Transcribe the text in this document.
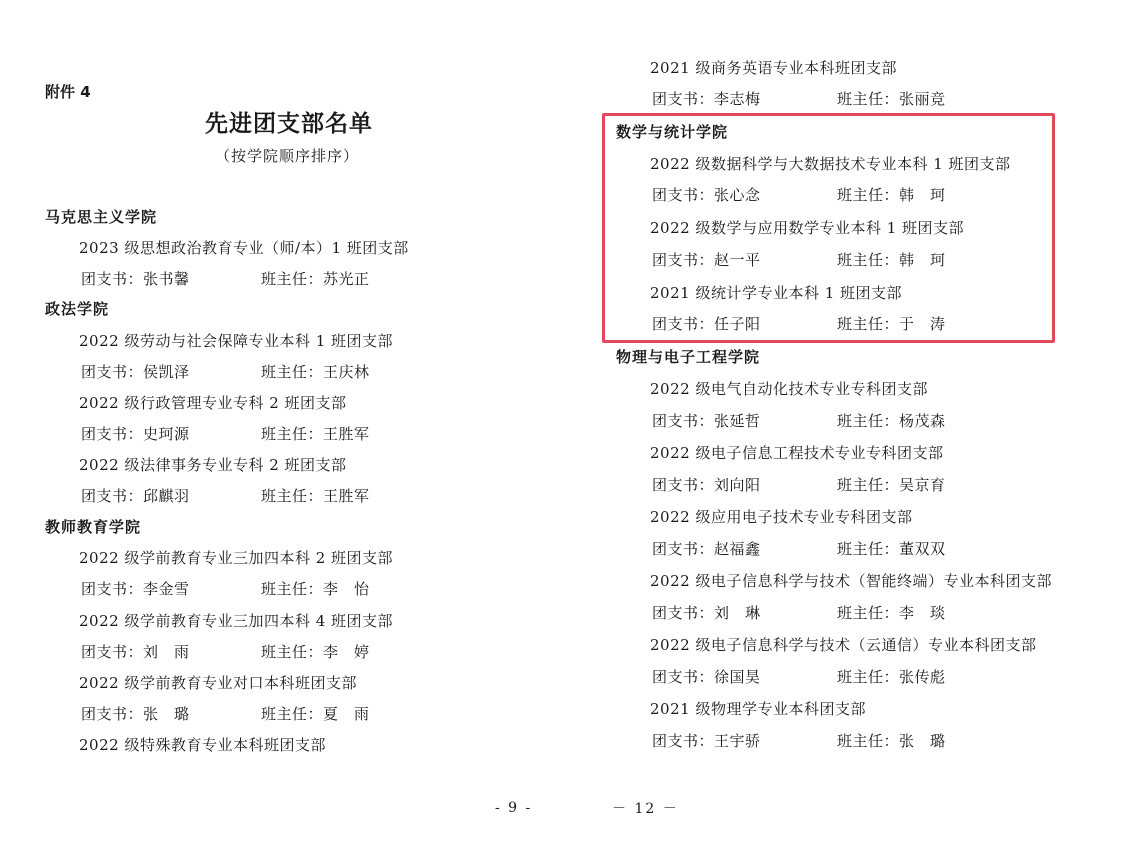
附件 4
先进团支部名单
（按学院顺序排序）
马克思主义学院
2023 级思想政治教育专业（师/本）1 班团支部
团支书：张书馨	班主任：苏光正
政法学院
2022 级劳动与社会保障专业本科 1 班团支部
团支书：侯凯泽	班主任：王庆林
2022 级行政管理专业专科 2 班团支部
团支书：史珂源	班主任：王胜军
2022 级法律事务专业专科 2 班团支部
团支书：邱麒羽	班主任：王胜军
教师教育学院
2022 级学前教育专业三加四本科 2 班团支部
团支书：李金雪	班主任：李　怡
2022 级学前教育专业三加四本科 4 班团支部
团支书：刘　雨	班主任：李　婷
2022 级学前教育专业对口本科班团支部
团支书：张　璐	班主任：夏　雨
2022 级特殊教育专业本科班团支部
- 9 -
2021 级商务英语专业本科班团支部
团支书：李志梅	班主任：张丽竞
数学与统计学院
2022 级数据科学与大数据技术专业本科 1 班团支部
团支书：张心念	班主任：韩　珂
2022 级数学与应用数学专业本科 1 班团支部
团支书：赵一平	班主任：韩　珂
2021 级统计学专业本科 1 班团支部
团支书：任子阳	班主任：于　涛
物理与电子工程学院
2022 级电气自动化技术专业专科团支部
团支书：张延哲	班主任：杨茂森
2022 级电子信息工程技术专业专科团支部
团支书：刘向阳	班主任：吴京育
2022 级应用电子技术专业专科团支部
团支书：赵福鑫	班主任：董双双
2022 级电子信息科学与技术（智能终端）专业本科团支部
团支书：刘　琳	班主任：李　琰
2022 级电子信息科学与技术（云通信）专业本科团支部
团支书：徐国昊	班主任：张传彪
2021 级物理学专业本科团支部
团支书：王宇骄	班主任：张　璐
－ 12 －
